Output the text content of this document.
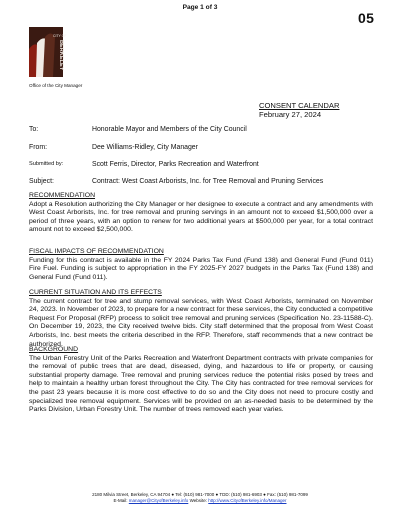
Page 1 of 3
05
CITY OF
BERKELEY
Office of the City Manager
CONSENT CALENDAR
February 27, 2024
To:	Honorable Mayor and Members of the City Council
From:	Dee Williams-Ridley, City Manager
Submitted by:	Scott Ferris, Director, Parks Recreation and Waterfront
Subject:	Contract: West Coast Arborists, Inc. for Tree Removal and Pruning Services
RECOMMENDATION
Adopt a Resolution authorizing the City Manager or her designee to execute a contract and any amendments with West Coast Arborists, Inc. for tree removal and pruning servings in an amount not to exceed $1,500,000 over a period of three years, with an option to renew for two additional years at $500,000 per year, for a total contract amount not to exceed $2,500,000.
FISCAL IMPACTS OF RECOMMENDATION
Funding for this contract is available in the FY 2024 Parks Tax Fund (Fund 138) and General Fund (Fund 011) Fire Fuel. Funding is subject to appropriation in the FY 2025-FY 2027 budgets in the Parks Tax (Fund 138) and General Fund (Fund 011).
CURRENT SITUATION AND ITS EFFECTS
The current contract for tree and stump removal services, with West Coast Arborists, terminated on November 24, 2023. In November of 2023, to prepare for a new contract for these services, the City conducted a competitive Request For Proposal (RFP) process to solicit tree removal and pruning services (Specification No. 23-11588-C). On December 19, 2023, the City received twelve bids. City staff determined that the proposal from West Coast Arborists, Inc. best meets the criteria described in the RFP. Therefore, staff recommends that a new contract be authorized.
BACKGROUND
The Urban Forestry Unit of the Parks Recreation and Waterfront Department contracts with private companies for the removal of public trees that are dead, diseased, dying, and hazardous to life or property, or causing substantial property damage. Tree removal and pruning services reduce the potential risks posed by trees and help to maintain a healthy urban forest throughout the City. The City has contracted for tree removal services for the past 23 years because it is more cost effective to do so and the City does not need to procure costly and specialized tree removal equipment. Services will be provided on an as-needed basis to be determined by the Parks Division, Urban Forestry Unit. The number of trees removed each year varies.
2180 Milvia Street, Berkeley, CA 94704 ● Tel: (510) 981-7000 ● TDD: (510) 981-6903 ● Fax: (510) 981-7099
E-Mail: manager@CityofBerkeley.info Website: http://www.CityofBerkeley.info/Manager
